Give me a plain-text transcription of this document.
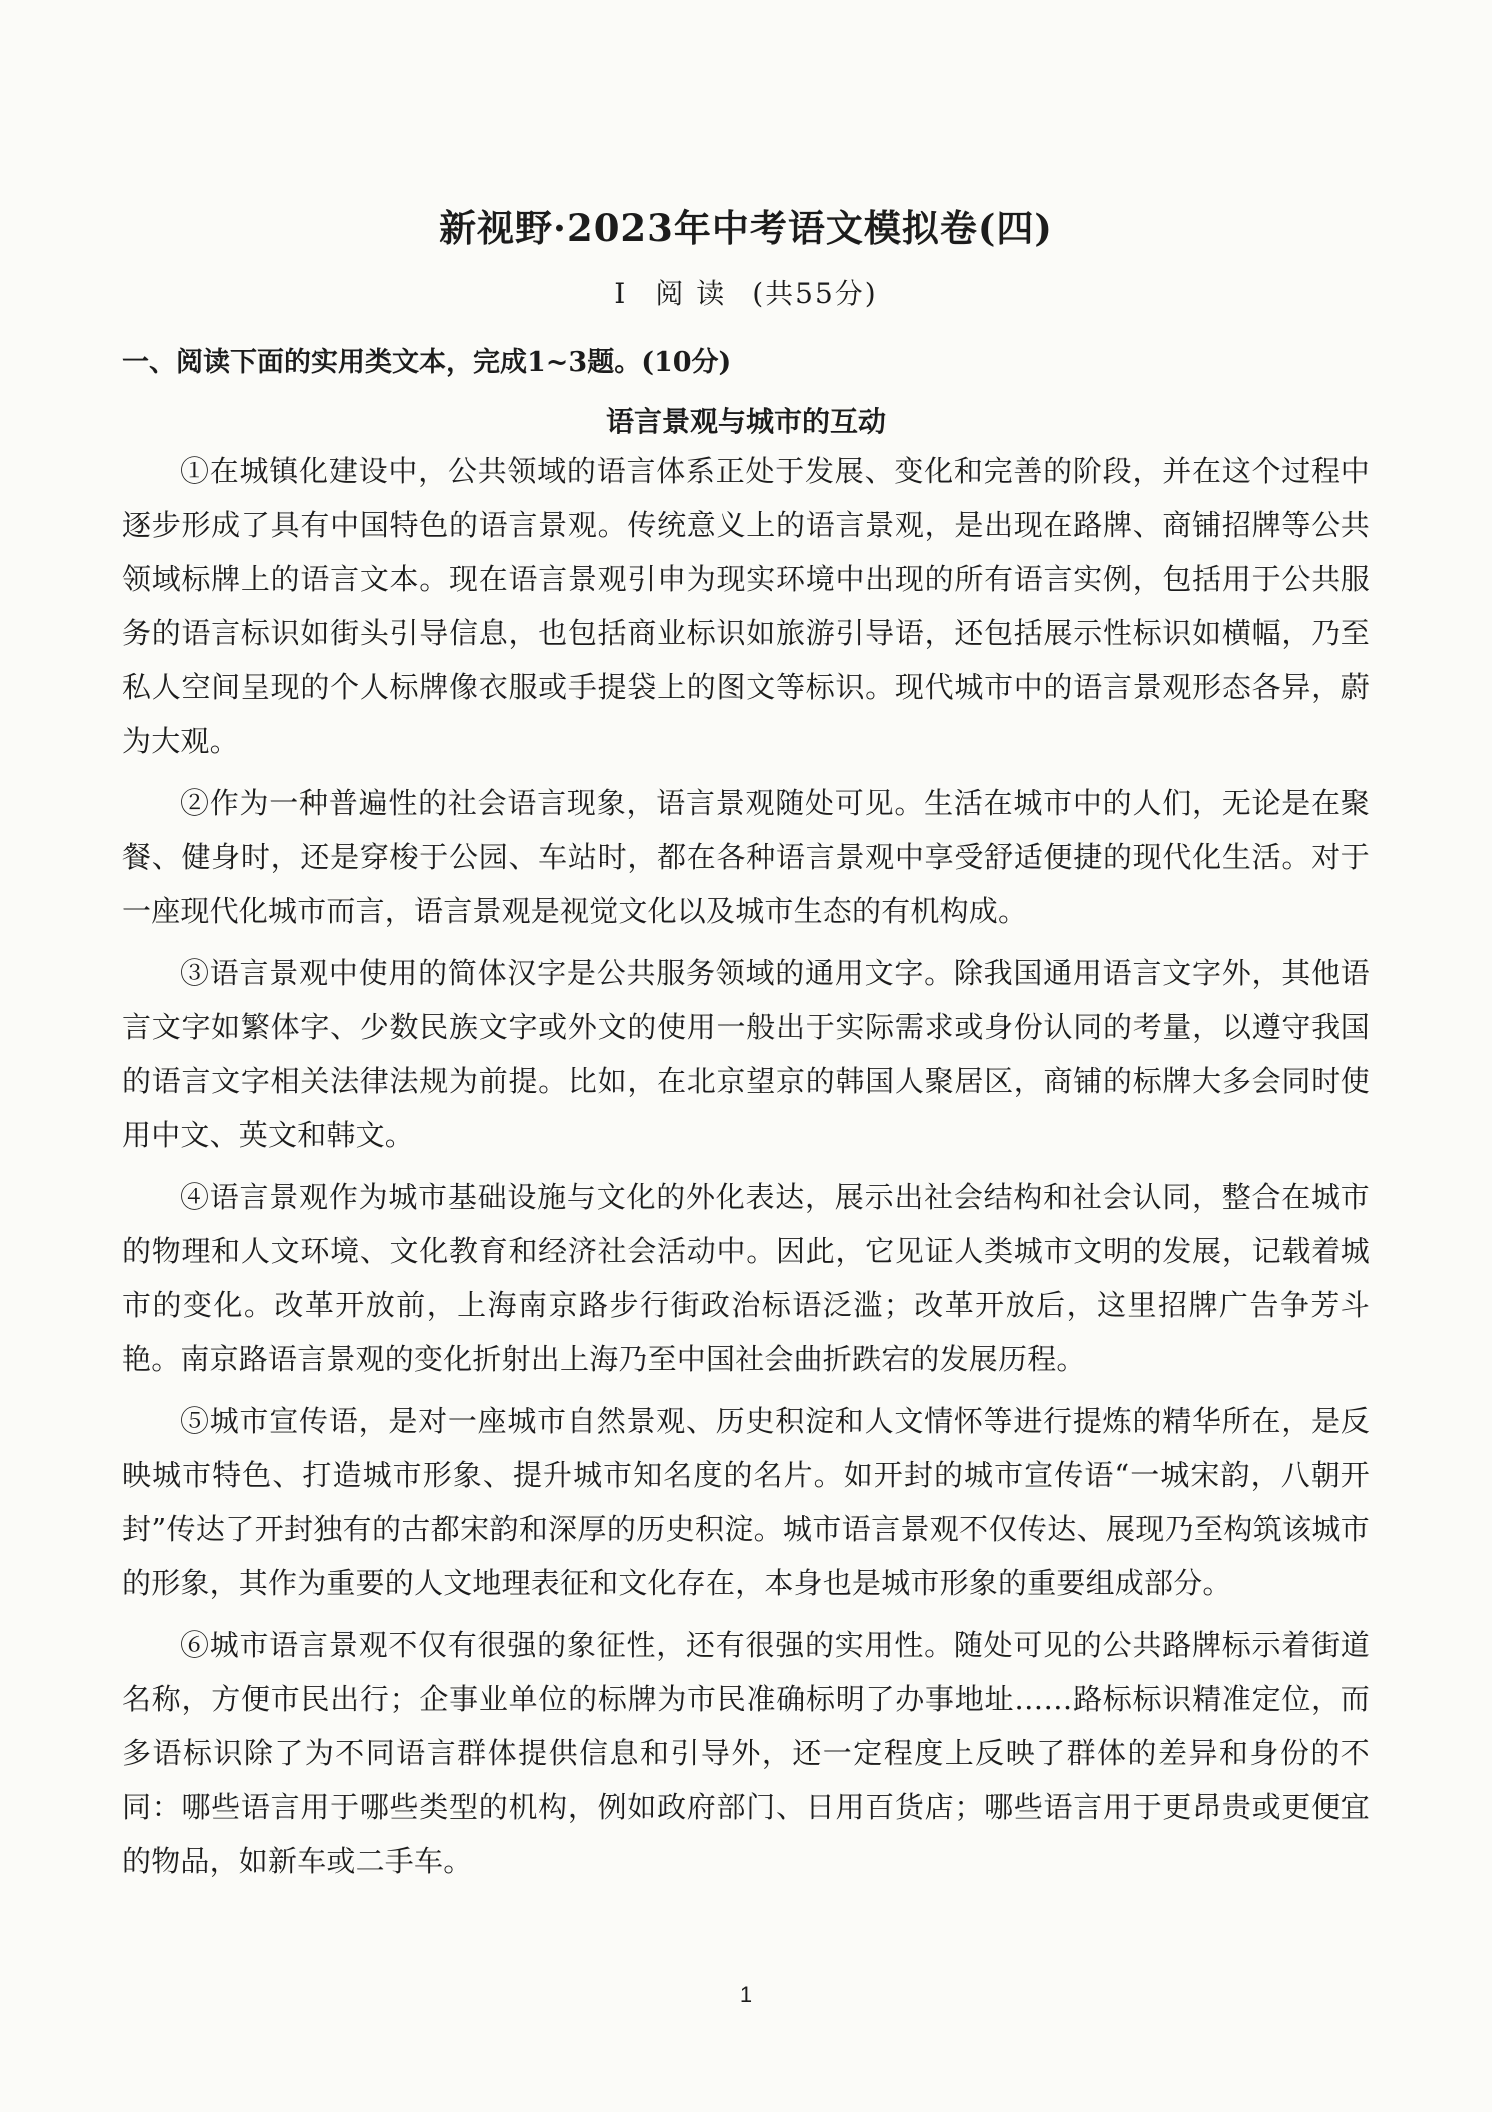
新视野·2023年中考语文模拟卷(四)
I 阅 读 (共55分)
一、阅读下面的实用类文本，完成1~3题。(10分)
语言景观与城市的互动

①在城镇化建设中，公共领域的语言体系正处于发展、变化和完善的阶段，并在这个过程中逐步形成了具有中国特色的语言景观。传统意义上的语言景观，是出现在路牌、商铺招牌等公共领域标牌上的语言文本。现在语言景观引申为现实环境中出现的所有语言实例，包括用于公共服务的语言标识如街头引导信息，也包括商业标识如旅游引导语，还包括展示性标识如横幅，乃至私人空间呈现的个人标牌像衣服或手提袋上的图文等标识。现代城市中的语言景观形态各异，蔚为大观。

②作为一种普遍性的社会语言现象，语言景观随处可见。生活在城市中的人们，无论是在聚餐、健身时，还是穿梭于公园、车站时，都在各种语言景观中享受舒适便捷的现代化生活。对于一座现代化城市而言，语言景观是视觉文化以及城市生态的有机构成。

③语言景观中使用的简体汉字是公共服务领域的通用文字。除我国通用语言文字外，其他语言文字如繁体字、少数民族文字或外文的使用一般出于实际需求或身份认同的考量，以遵守我国的语言文字相关法律法规为前提。比如，在北京望京的韩国人聚居区，商铺的标牌大多会同时使用中文、英文和韩文。

④语言景观作为城市基础设施与文化的外化表达，展示出社会结构和社会认同，整合在城市的物理和人文环境、文化教育和经济社会活动中。因此，它见证人类城市文明的发展，记载着城市的变化。改革开放前，上海南京路步行街政治标语泛滥；改革开放后，这里招牌广告争芳斗艳。南京路语言景观的变化折射出上海乃至中国社会曲折跌宕的发展历程。

⑤城市宣传语，是对一座城市自然景观、历史积淀和人文情怀等进行提炼的精华所在，是反映城市特色、打造城市形象、提升城市知名度的名片。如开封的城市宣传语“一城宋韵，八朝开封”传达了开封独有的古都宋韵和深厚的历史积淀。城市语言景观不仅传达、展现乃至构筑该城市的形象，其作为重要的人文地理表征和文化存在，本身也是城市形象的重要组成部分。

⑥城市语言景观不仅有很强的象征性，还有很强的实用性。随处可见的公共路牌标示着街道名称，方便市民出行；企事业单位的标牌为市民准确标明了办事地址……路标标识精准定位，而多语标识除了为不同语言群体提供信息和引导外，还一定程度上反映了群体的差异和身份的不同：哪些语言用于哪些类型的机构，例如政府部门、日用百货店；哪些语言用于更昂贵或更便宜的物品，如新车或二手车。

1
